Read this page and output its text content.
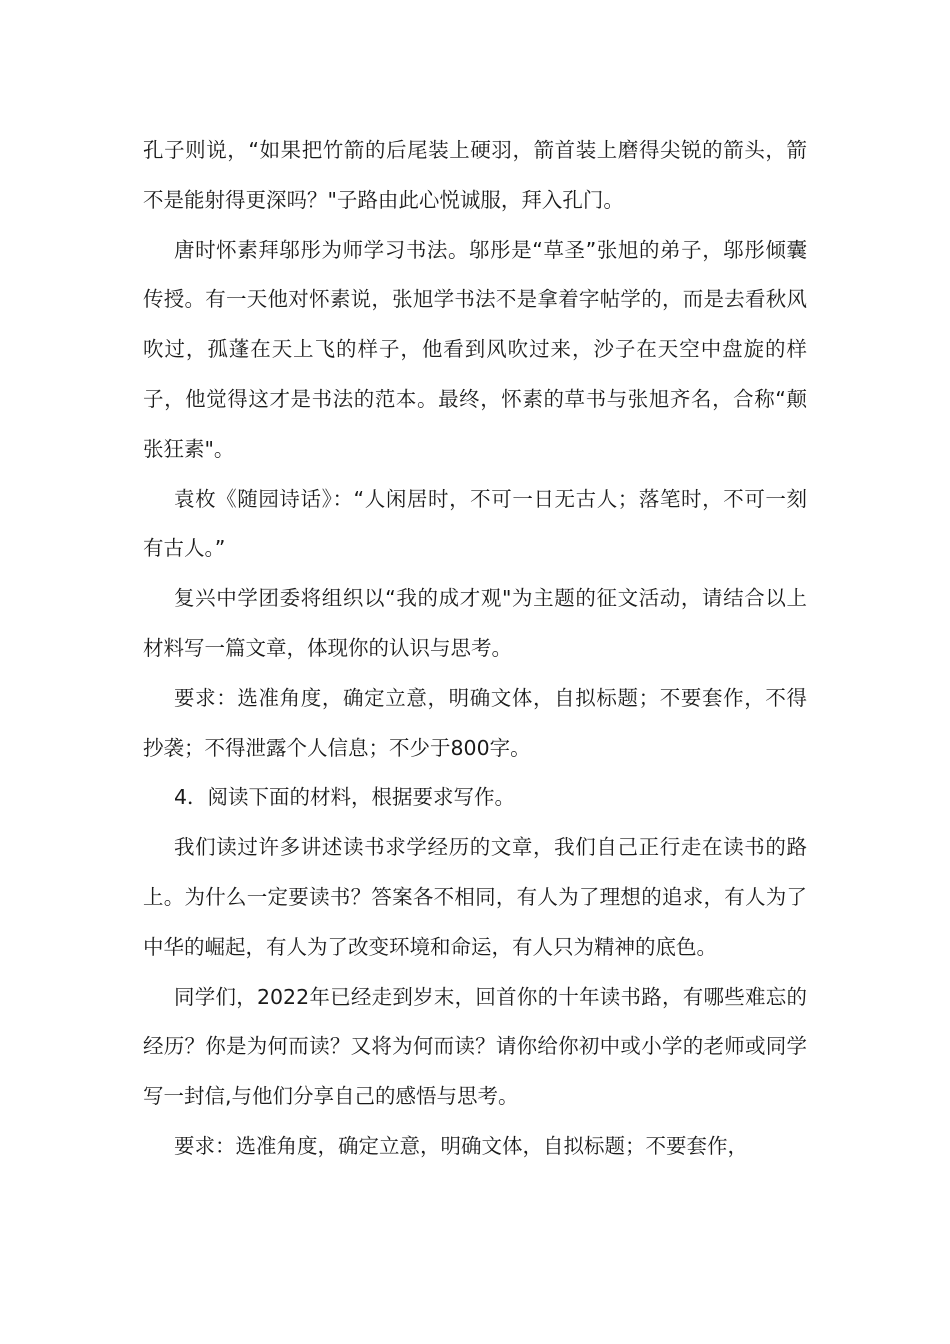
孔子则说，“如果把竹箭的后尾装上硬羽，箭首装上磨得尖锐的箭头，箭不是能射得更深吗？"子路由此心悦诚服，拜入孔门。

唐时怀素拜邬彤为师学习书法。邬彤是“草圣”张旭的弟子，邬彤倾囊传授。有一天他对怀素说，张旭学书法不是拿着字帖学的，而是去看秋风吹过，孤蓬在天上飞的样子，他看到风吹过来，沙子在天空中盘旋的样子，他觉得这才是书法的范本。最终，怀素的草书与张旭齐名，合称“颠张狂素"。

袁枚《随园诗话》：“人闲居时，不可一日无古人；落笔时，不可一刻有古人。”

复兴中学团委将组织以“我的成才观"为主题的征文活动，请结合以上材料写一篇文章，体现你的认识与思考。

要求：选准角度，确定立意，明确文体，自拟标题；不要套作，不得抄袭；不得泄露个人信息；不少于800字。

4．阅读下面的材料，根据要求写作。

我们读过许多讲述读书求学经历的文章，我们自己正行走在读书的路上。为什么一定要读书？答案各不相同，有人为了理想的追求，有人为了中华的崛起，有人为了改变环境和命运，有人只为精神的底色。

同学们，2022年已经走到岁末，回首你的十年读书路，有哪些难忘的经历？你是为何而读？又将为何而读？请你给你初中或小学的老师或同学写一封信,与他们分享自己的感悟与思考。

要求：选准角度，确定立意，明确文体，自拟标题；不要套作，
